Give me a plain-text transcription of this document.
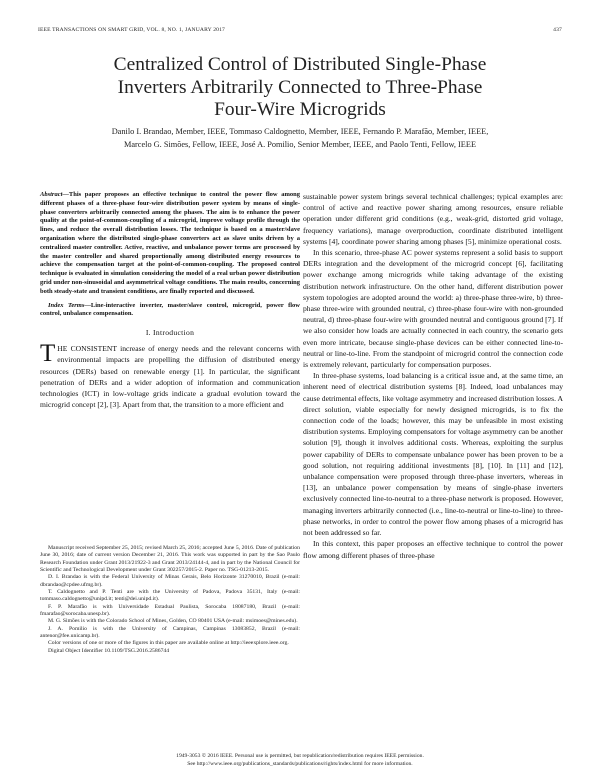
IEEE TRANSACTIONS ON SMART GRID, VOL. 8, NO. 1, JANUARY 2017	437
Centralized Control of Distributed Single-Phase
Inverters Arbitrarily Connected to Three-Phase
Four-Wire Microgrids
Danilo I. Brandao, Member, IEEE, Tommaso Caldognetto, Member, IEEE, Fernando P. Marafão, Member, IEEE,
Marcelo G. Simões, Fellow, IEEE, José A. Pomilio, Senior Member, IEEE, and Paolo Tenti, Fellow, IEEE

Abstract—This paper proposes an effective technique to control the power flow among different phases of a three-phase four-wire distribution power system by means of single-phase converters arbitrarily connected among the phases. The aim is to enhance the power quality at the point-of-common-coupling of a microgrid, improve voltage profile through the lines, and reduce the overall distribution losses. The technique is based on a master/slave organization where the distributed single-phase converters act as slave units driven by a centralized master controller. Active, reactive, and unbalance power terms are processed by the master controller and shared proportionally among distributed energy resources to achieve the compensation target at the point-of-common-coupling. The proposed control technique is evaluated in simulation considering the model of a real urban power distribution grid under non-sinusoidal and asymmetrical voltage conditions. The main results, concerning both steady-state and transient conditions, are finally reported and discussed.

Index Terms—Line-interactive inverter, master/slave control, microgrid, power flow control, unbalance compensation.

I. Introduction

THE CONSISTENT increase of energy needs and the relevant concerns with environmental impacts are propelling the diffusion of distributed energy resources (DERs) based on renewable energy [1]. In particular, the significant penetration of DERs and a wider adoption of information and communication technologies (ICT) in low-voltage grids indicate a gradual evolution toward the microgrid concept [2], [3]. Apart from that, the transition to a more efficient and

Manuscript received September 25, 2015; revised March 25, 2016; accepted June 5, 2016. Date of publication June 30, 2016; date of current version December 21, 2016. This work was supported in part by the Sao Paulo Research Foundation under Grant 2013/21922-3 and Grant 2013/24144-4, and in part by the National Council for Scientific and Technological Development under Grant 302257/2015-2. Paper no. TSG-01213-2015.

D. I. Brandao is with the Federal University of Minas Gerais, Belo Horizonte 31270010, Brazil (e-mail: dbrandao@cpdee.ufmg.br).

T. Caldognetto and P. Tenti are with the University of Padova, Padova 35131, Italy (e-mail: tommaso.caldognetto@unipd.it; tenti@dei.unipd.it).

F. P. Marafão is with Universidade Estadual Paulista, Sorocaba 18087180, Brazil (e-mail: fmarafao@sorocaba.unesp.br).

M. G. Simões is with the Colorado School of Mines, Golden, CO 80401 USA (e-mail: msimoes@mines.edu).

J. A. Pomilio is with the University of Campinas, Campinas 13083852, Brazil (e-mail: antenor@fee.unicamp.br).

Color versions of one or more of the figures in this paper are available online at http://ieeexplore.ieee.org.

Digital Object Identifier 10.1109/TSG.2016.2586744

sustainable power system brings several technical challenges; typical examples are: control of active and reactive power sharing among resources, ensure reliable operation under different grid conditions (e.g., weak-grid, distorted grid voltage, frequency variations), manage overproduction, coordinate distributed intelligent systems [4], coordinate power sharing among phases [5], minimize operational costs.

In this scenario, three-phase AC power systems represent a solid basis to support DERs integration and the development of the microgrid concept [6], facilitating power exchange among microgrids while taking advantage of the existing distribution network infrastructure. On the other hand, different distribution power system topologies are adopted around the world: a) three-phase three-wire, b) three-phase three-wire with grounded neutral, c) three-phase four-wire with non-grounded neutral, d) three-phase four-wire with grounded neutral and contiguous ground [7]. If we also consider how loads are actually connected in each country, the scenario gets even more intricate, because single-phase devices can be either connected line-to-neutral or line-to-line. From the standpoint of microgrid control the connection code is extremely relevant, particularly for compensation purposes.

In three-phase systems, load balancing is a critical issue and, at the same time, an inherent need of electrical distribution systems [8]. Indeed, load unbalances may cause detrimental effects, like voltage asymmetry and increased distribution losses. A direct solution, viable especially for newly designed microgrids, is to fix the connection code of the loads; however, this may be unfeasible in most existing distribution systems. Employing compensators for voltage asymmetry can be another solution [9], though it involves additional costs. Whereas, exploiting the surplus power capability of DERs to compensate unbalance power has been proven to be a good solution, not requiring additional investments [8], [10]. In [11] and [12], unbalance compensation were proposed through three-phase inverters, whereas in [13], an unbalance power compensation by means of single-phase inverters exclusively connected line-to-neutral to a three-phase network is proposed. However, managing inverters arbitrarily connected (i.e., line-to-neutral or line-to-line) to three-phase networks, in order to control the power flow among phases of a microgrid has not been addressed so far.

In this context, this paper proposes an effective technique to control the power flow among different phases of three-phase

1949-3053 © 2016 IEEE. Personal use is permitted, but republication/redistribution requires IEEE permission.
See http://www.ieee.org/publications_standards/publications/rights/index.html for more information.
